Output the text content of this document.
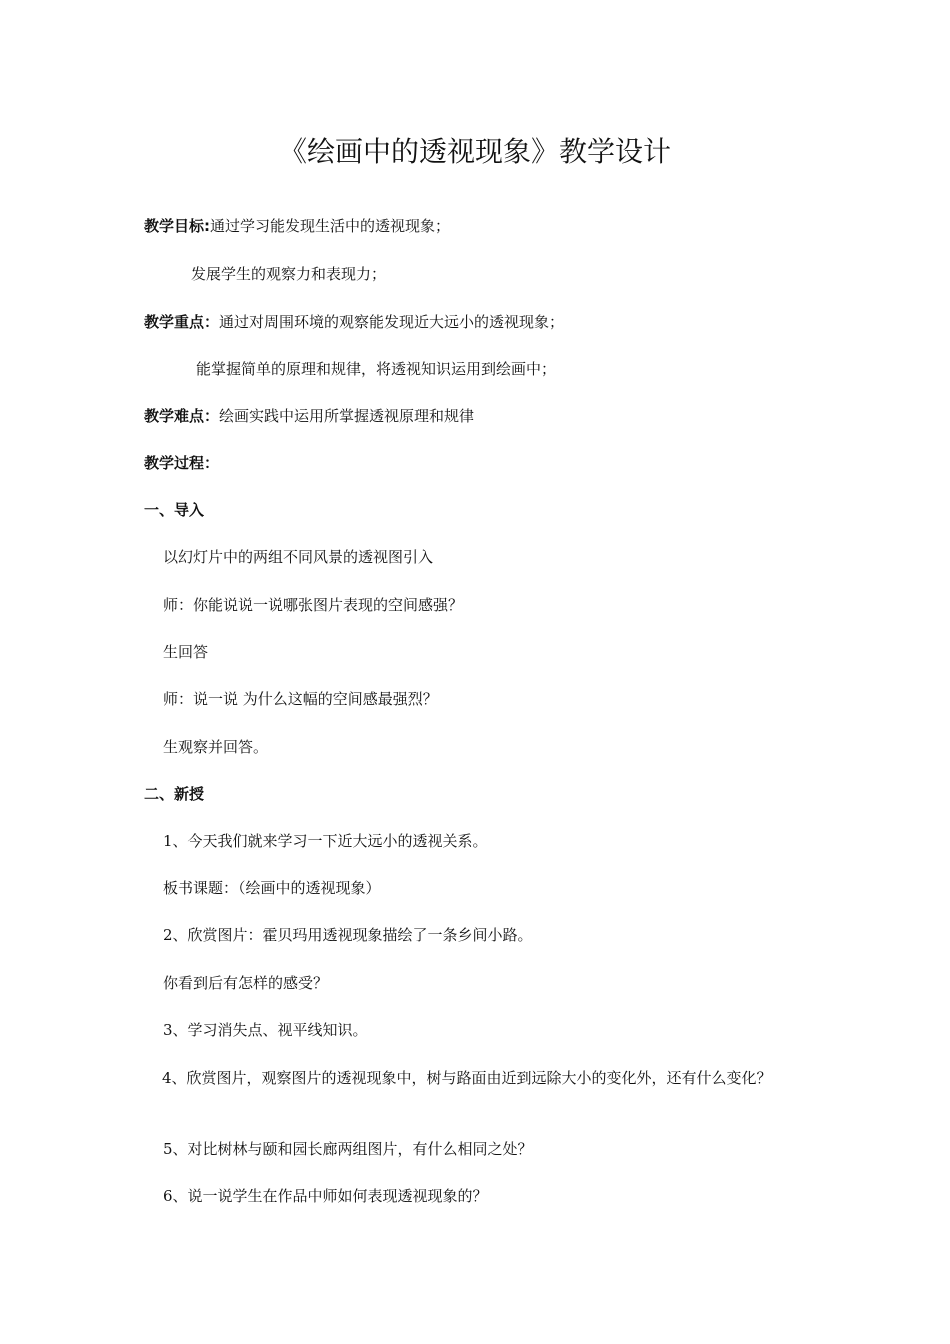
《绘画中的透视现象》教学设计
教学目标:通过学习能发现生活中的透视现象；
发展学生的观察力和表现力；
教学重点：通过对周围环境的观察能发现近大远小的透视现象；
能掌握简单的原理和规律，将透视知识运用到绘画中；
教学难点：绘画实践中运用所掌握透视原理和规律
教学过程：
一、导入
以幻灯片中的两组不同风景的透视图引入
师：你能说说一说哪张图片表现的空间感强？
生回答
师：说一说 为什么这幅的空间感最强烈？
生观察并回答。
二、新授
1、今天我们就来学习一下近大远小的透视关系。
板书课题：（绘画中的透视现象）
2、欣赏图片：霍贝玛用透视现象描绘了一条乡间小路。
你看到后有怎样的感受？
3、学习消失点、视平线知识。
4、欣赏图片，观察图片的透视现象中，树与路面由近到远除大小的变化外，还有什么变化？
5、对比树林与颐和园长廊两组图片，有什么相同之处？
6、说一说学生在作品中师如何表现透视现象的？
